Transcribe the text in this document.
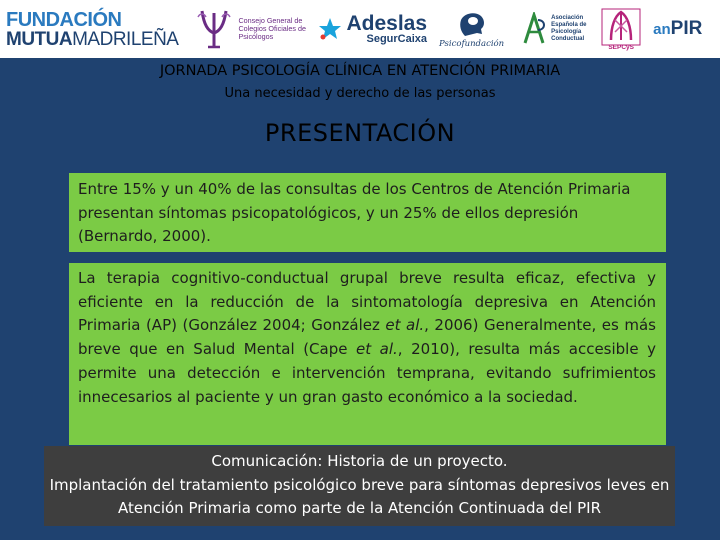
FUNDACIÓN
MUTUAMADRILEÑA
Consejo General de Colegios Oficiales de Psicólogos
Adeslas
SegurCaixa Psicofundación
Asociación Española de Psicología Conductual
SEPCyS
an PIR
JORNADA PSICOLOGÍA CLÍNICA EN ATENCIÓN PRIMARIA
Una necesidad y derecho de las personas
PRESENTACIÓN
Entre 15% y un 40% de las consultas de los Centros de Atención Primaria presentan síntomas psicopatológicos, y un 25% de ellos depresión (Bernardo, 2000).

La terapia cognitivo-conductual grupal breve resulta eficaz, efectiva y eficiente en la reducción de la sintomatología depresiva en Atención Primaria (AP) (González 2004; González et al., 2006) Generalmente, es más breve que en Salud Mental (Cape et al., 2010), resulta más accesible y permite una detección e intervención temprana, evitando sufrimientos innecesarios al paciente y un gran gasto económico a la sociedad.

Comunicación: Historia de un proyecto.
Implantación del tratamiento psicológico breve para síntomas depresivos leves en Atención Primaria como parte de la Atención Continuada del PIR
